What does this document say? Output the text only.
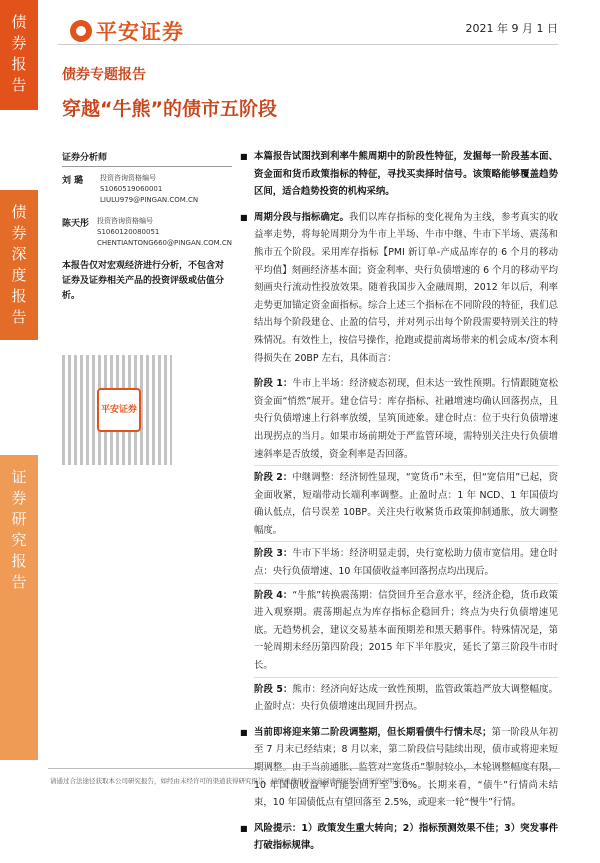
债券报告
债券深度报告
证券研究报告
平安证券	2021 年 9 月 1 日
债券专题报告
穿越“牛熊”的债市五阶段
证券分析师
刘 璐	投资咨询资格编号
S1060519060001
LIULU979@PINGAN.COM.CN
陈天彤	投资咨询资格编号
S1060120080051
CHENTIANTONG660@PINGAN.COM.CN
本报告仅对宏观经济进行分析，不包含对证券及证券相关产品的投资评级或估值分析。
平安证券
■ 本篇报告试图找到利率牛熊周期中的阶段性特征，发掘每一阶段基本面、资金面和货币政策指标的特征，寻找买卖择时信号。该策略能够覆盖趋势区间，适合趋势投资的机构采纳。
■ 周期分段与指标确定。我们以库存指标的变化视角为主线，参考真实的收益率走势，将每轮周期分为牛市上半场、牛市中继、牛市下半场、震荡和熊市五个阶段。采用库存指标【PMI 新订单-产成品库存的 6 个月的移动平均值】刻画经济基本面；资金利率、央行负债增速的 6 个月的移动平均刻画央行流动性投放效果。随着我国步入金融周期，2012 年以后，利率走势更加锚定资金面指标。综合上述三个指标在不同阶段的特征，我们总结出每个阶段建仓、止盈的信号，并对列示出每个阶段需要特别关注的特殊情况。有效性上，按信号操作，抢跑或提前离场带来的机会成本/资本利得损失在 20BP 左右，具体而言：
阶段 1：牛市上半场：经济疲态初现，但未达一致性预期。行情跟随宽松资金面“悄然”展开。建仓信号：库存指标、社融增速均确认回落拐点，且央行负债增速上行斜率放缓，呈筑顶迹象。建仓时点：位于央行负债增速出现拐点的当月。如果市场前期处于严监管环境，需特别关注央行负债增速斜率是否放缓，资金利率是否回落。
阶段 2：中继调整：经济韧性显现，“宽货币”未至，但“宽信用”已起，资金面收紧，短端带动长端利率调整。止盈时点：1 年 NCD、1 年国债均确认低点，信号误差 10BP。关注央行收紧货币政策抑制通胀，放大调整幅度。
阶段 3：牛市下半场：经济明显走弱，央行宽松助力债市宽信用。建仓时点：央行负债增速、10 年国债收益率回落拐点均出现后。
阶段 4：“牛熊”转换震荡期：信贷回升至合意水平，经济企稳，货币政策进入观察期。震荡期起点为库存指标企稳回升；终点为央行负债增速见底。无趋势机会，建议交易基本面预期差和黑天鹅事件。特殊情况是，第一轮周期未经历第四阶段；2015 年下半年股灾，延长了第三阶段牛市时长。
阶段 5：熊市：经济向好达成一致性预期，监管政策趋严放大调整幅度。止盈时点：央行负债增速出现回升拐点。
■ 当前即将迎来第二阶段调整期，但长期看债牛行情未尽；第一阶段从年初至 7 月末已经结束；8 月以来，第二阶段信号陆续出现，债市或将迎来短 10 年国债收益率可能会回升至 3.0%。长期来看，“债牛”行情尚未结束，10 年国债低点有望回落至 2.5%，或迎来一轮“慢牛”行情。
■ 风险提示：1）政策发生重大转向；2）指标预测效果不佳；3）突发事件打破指标规律。
请通过合法途径获取本公司研究报告，如经由未经许可的渠道获得研究报告，请慎重使用并注意阅读研究报告尾页的声明内容。
